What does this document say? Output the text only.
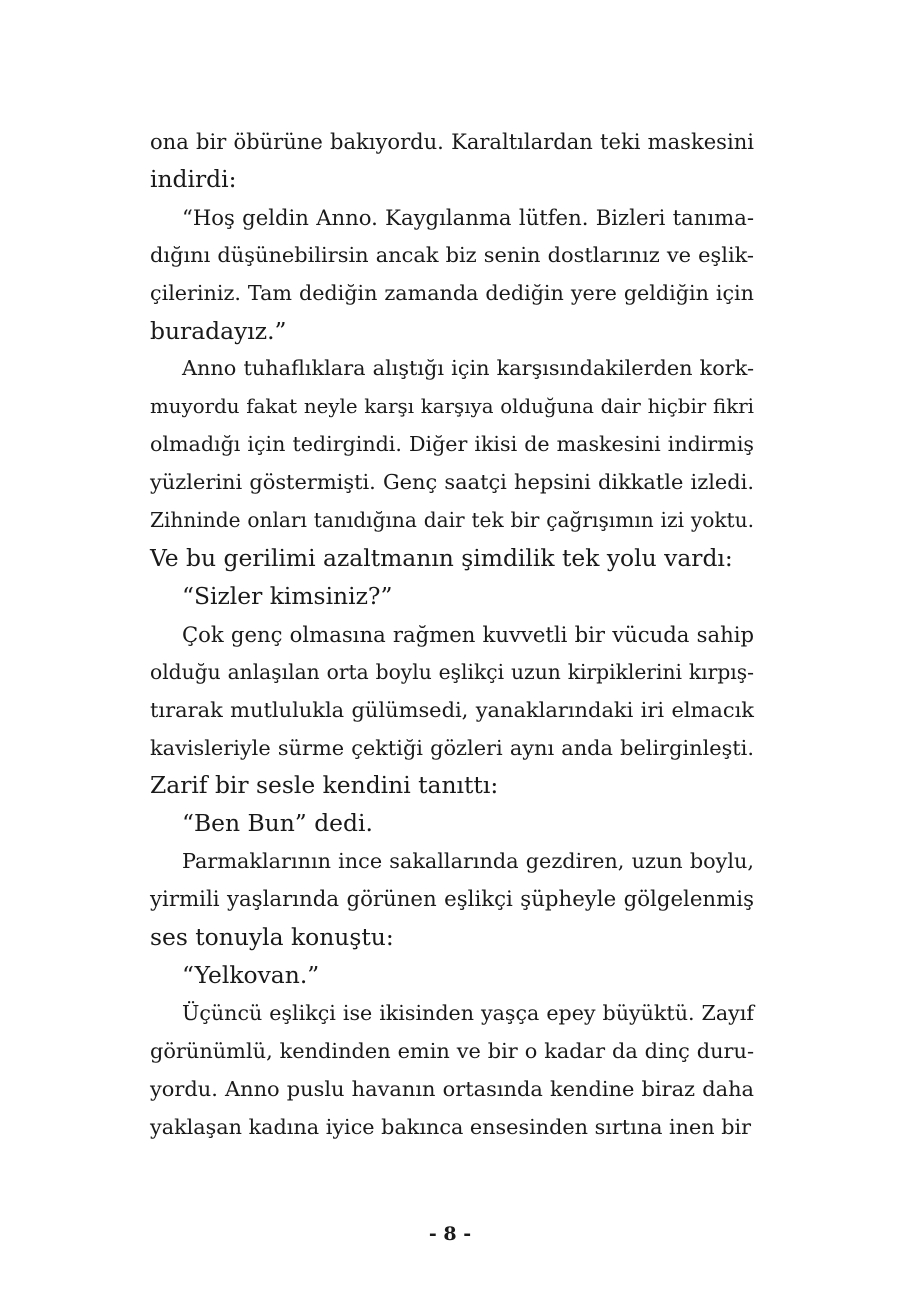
ona bir öbürüne bakıyordu. Karaltılardan teki maskesini
indirdi:
“Hoş geldin Anno. Kaygılanma lütfen. Bizleri tanıma-
dığını düşünebilirsin ancak biz senin dostlarınız ve eşlik-
çileriniz. Tam dediğin zamanda dediğin yere geldiğin için
buradayız.”
Anno tuhaflıklara alıştığı için karşısındakilerden kork-
muyordu fakat neyle karşı karşıya olduğuna dair hiçbir fikri
olmadığı için tedirgindi. Diğer ikisi de maskesini indirmiş
yüzlerini göstermişti. Genç saatçi hepsini dikkatle izledi.
Zihninde onları tanıdığına dair tek bir çağrışımın izi yoktu.
Ve bu gerilimi azaltmanın şimdilik tek yolu vardı:
“Sizler kimsiniz?”
Çok genç olmasına rağmen kuvvetli bir vücuda sahip
olduğu anlaşılan orta boylu eşlikçi uzun kirpiklerini kırpış-
tırarak mutlulukla gülümsedi, yanaklarındaki iri elmacık
kavisleriyle sürme çektiği gözleri aynı anda belirginleşti.
Zarif bir sesle kendini tanıttı:
“Ben Bun” dedi.
Parmaklarının ince sakallarında gezdiren, uzun boylu,
yirmili yaşlarında görünen eşlikçi şüpheyle gölgelenmiş
ses tonuyla konuştu:
“Yelkovan.”
Üçüncü eşlikçi ise ikisinden yaşça epey büyüktü. Zayıf
görünümlü, kendinden emin ve bir o kadar da dinç duru-
yordu. Anno puslu havanın ortasında kendine biraz daha
yaklaşan kadına iyice bakınca ensesinden sırtına inen bir
- 8 -
